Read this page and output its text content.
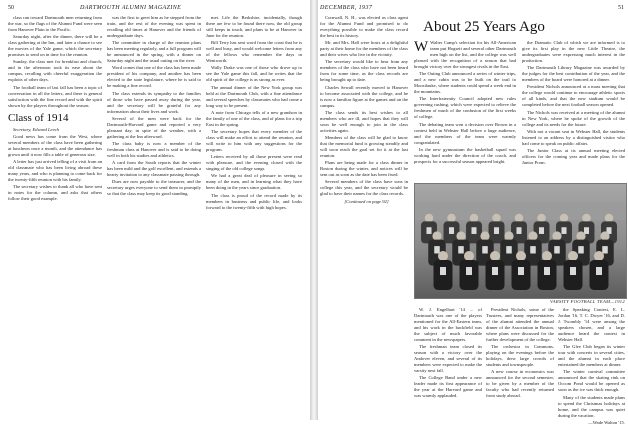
50	DARTMOUTH ALUMNI MAGAZINE

class ran toward Dartmouth men returning from the war, so the flags of the Alumni Fund were seen from Hanover Plain to the Pacific.

Saturday night, after the dinner, there will be a class gathering at the Inn, and later a chance to see the movies of the Yale game, which the secretary promises to send on in time for the reunion.

Sunday, the class met for breakfast and church, and in the afternoon took its ease about the campus, recalling with cheerful exaggeration the exploits of other days.

The football team of last fall has been a topic of conversation in all the letters, and there is general satisfaction with the fine record and with the spirit shown by the players throughout the season.

Class of 1914

Secretary, Edward Leech

Good news has come from the West, where several members of the class have been gathering at luncheon once a month, and the attendance has grown until it now fills a table of generous size.

A letter has just arrived telling of a visit from an old classmate who has been living abroad these many years, and who is planning to come back for the twenty-fifth reunion with his family.

The secretary wishes to thank all who have sent in notes for the column, and asks that others follow their good example.

was the first to greet him as he stepped from the train, and the rest of the evening was spent in recalling old times at Hanover and the friends of undergraduate days.

The committee in charge of the reunion plans has been meeting regularly, and a full program will be announced in the spring, with a dinner on Saturday night and the usual outing on the river.

Word comes that one of the class has been made president of his company, and another has been elected to the state legislature, where he is said to be making a fine record.

The class extends its sympathy to the families of those who have passed away during the year, and the secretary will be grateful for any information about their lives and work.

Several of the men were back for the Dartmouth-Harvard game and reported a very pleasant day, in spite of the weather, with a gathering at the Inn afterward.

The class baby is now a member of the freshman class at Hanover and is said to be doing well in both his studies and athletics.

A card from the South reports that the winter has been mild and the golf excellent, and extends a hearty invitation to any classmate passing through.

Dues are now payable to the treasurer, and the secretary urges everyone to send them in promptly so that the class may keep its good standing.

met. Life the Berkshire, incidentally, though there are few to be found there now, the old group still keeps in touch, and plans to be at Hanover in June for the reunion.

Bill Terry has sent word from the coast that he is well and busy, and would welcome letters from any of the fellows who remember the days in Wentworth.

Wally Drake was one of those who drove up to see the Yale game this fall, and he writes that the old spirit of the college is as strong as ever.

The annual dinner of the New York group was held at the Dartmouth Club, with a fine attendance and several speeches by classmates who had come a long way to be present.

A note from Chicago tells of a new grandson in the family of one of the class, and of plans for a trip East in the spring.

The secretary hopes that every member of the class will make an effort to attend the reunion, and will write to him with any suggestions for the program.

Letters received by all those present were read with pleasure, and the evening closed with the singing of the old college songs.

We had a great deal of pleasure in seeing so many of the men, and in learning what they have been doing in the years since graduation.

The class is proud of the record made by its members in business and public life, and looks forward to the twenty-fifth with high hopes.

DECEMBER, 1937	51

Cornwall, N. H., was elected as class agent for the Alumni Fund and promised to do everything possible to make the class record the best in its history.

Mr. and Mrs. Hall were hosts at a delightful party at their home for the members of the class and their wives who live in the vicinity.

The secretary would like to hear from any members of the class who have not been heard from for some time, as the class records are being brought up to date.

Charles Sewall recently moved to Hanover to become associated with the college, and he is now a familiar figure at the games and on the campus.

The class sends its best wishes to all members who are ill, and hopes that they will soon be well enough to join in the class activities again.

Members of the class will be glad to know that the memorial fund is growing steadily and will soon reach the goal set for it at the last reunion.

Plans are being made for a class dinner in Boston during the winter, and notices will be sent out as soon as the date has been fixed.

Several members of the class have sons in college this year, and the secretary would be glad to have their names for the class records.

[Continued on page 92]

About 25 Years Ago
W Walter Camp's selection for his All-American team put Hogsett and several other Dartmouth men high on the list, and the college was well pleased with the recognition of a season that had brought victory over the strongest rivals in the East.

The Outing Club announced a series of winter trips, and a new cabin was to be built on the trail to Moosilauke, where students could spend a week end in the mountains.

The Interfraternity Council adopted new rules governing rushing, which were expected to relieve the freshmen of much of the confusion of the first weeks of college.

The debating team won a decision over Brown in a contest held in Webster Hall before a large audience, and the members of the team were warmly congratulated.

In the new gymnasium the basketball squad was working hard under the direction of the coach, and prospects for a successful season appeared bright.

the Dramatic Club of which we are informed is to give its first play in the new Little Theatre, the undergraduates were expressing much interest in the production.

The Dartmouth Library Magazine was awarded by the judges for the best contribution of the year, and the members of the board were honored at a dinner.

President Nichols announced at a mass meeting that the college would continue to encourage athletic sports of all kinds, and that the new stadium would be completed before the next football season opened.

The Nichols was received at a meeting of the alumni in New York, where he spoke of the growth of the college and its needs for the future.

With not a vacant seat in Webster Hall, the students listened to an address by a distinguished visitor who had come to speak on public affairs.

The Junior Class at its annual meeting elected officers for the coming year and made plans for the Junior Prom.

VARSITY FOOTBALL TEAM—1912

W. J. Engelhart '14 ... of Dartmouth was one of the players mentioned for the All-Eastern team, and his work in the backfield was the subject of much favorable comment in the newspapers.

The freshman team closed its season with a victory over the Andover eleven, and several of its members were expected to make the varsity next fall.

The College Band under a new leader made its first appearance of the year at the Harvard game and was warmly applauded.

President Nichols, some of the Trustees, and many representatives of the alumni attended the annual dinner of the Association in Boston, where plans were discussed for the further development of the college.

The orchestra in Commons, playing on the evenings before the holidays, drew large crowds of students and townspeople.

A new course in economics was announced for the second semester, to be given by a member of the faculty who had recently returned from study abroad.

the Speaking Contest, E. L. Jordan '16, T. C. Dwyer '16, and D. J. Twombly '14 were among the speakers chosen, and a large audience heard the contest in Webster Hall.

The Glee Club began its winter tour with concerts in several cities, and the alumni in each place entertained the members at dinner.

The winter carnival committee announced that the skating rink on Occom Pond would be opened as soon as the ice was thick enough.

Many of the students made plans to spend the Christmas holidays at home, and the campus was quiet during the vacation.

—Wade Walton '15.
